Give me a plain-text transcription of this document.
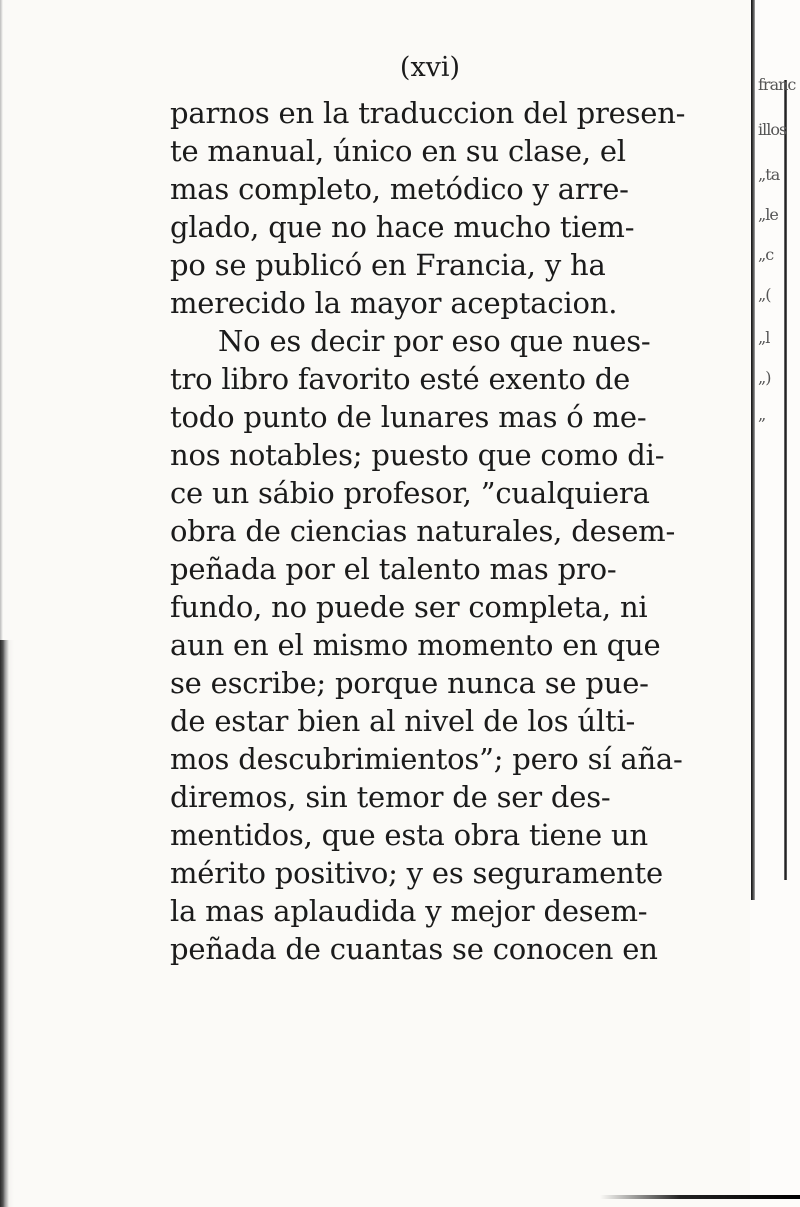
franc
illos
„ta
„le
„c
„(
„l
„)
„
(xvi)
parnos en la traduccion del presen-
te manual, único en su clase, el
mas completo, metódico y arre-
glado, que no hace mucho tiem-
po se publicó en Francia, y ha
merecido la mayor aceptacion.
No es decir por eso que nues-
tro libro favorito esté exento de
todo punto de lunares mas ó me-
nos notables; puesto que como di-
ce un sábio profesor, ”cualquiera
obra de ciencias naturales, desem-
peñada por el talento mas pro-
fundo, no puede ser completa, ni
aun en el mismo momento en que
se escribe; porque nunca se pue-
de estar bien al nivel de los últi-
mos descubrimientos”; pero sí aña-
diremos, sin temor de ser des-
mentidos, que esta obra tiene un
mérito positivo; y es seguramente
la mas aplaudida y mejor desem-
peñada de cuantas se conocen en
